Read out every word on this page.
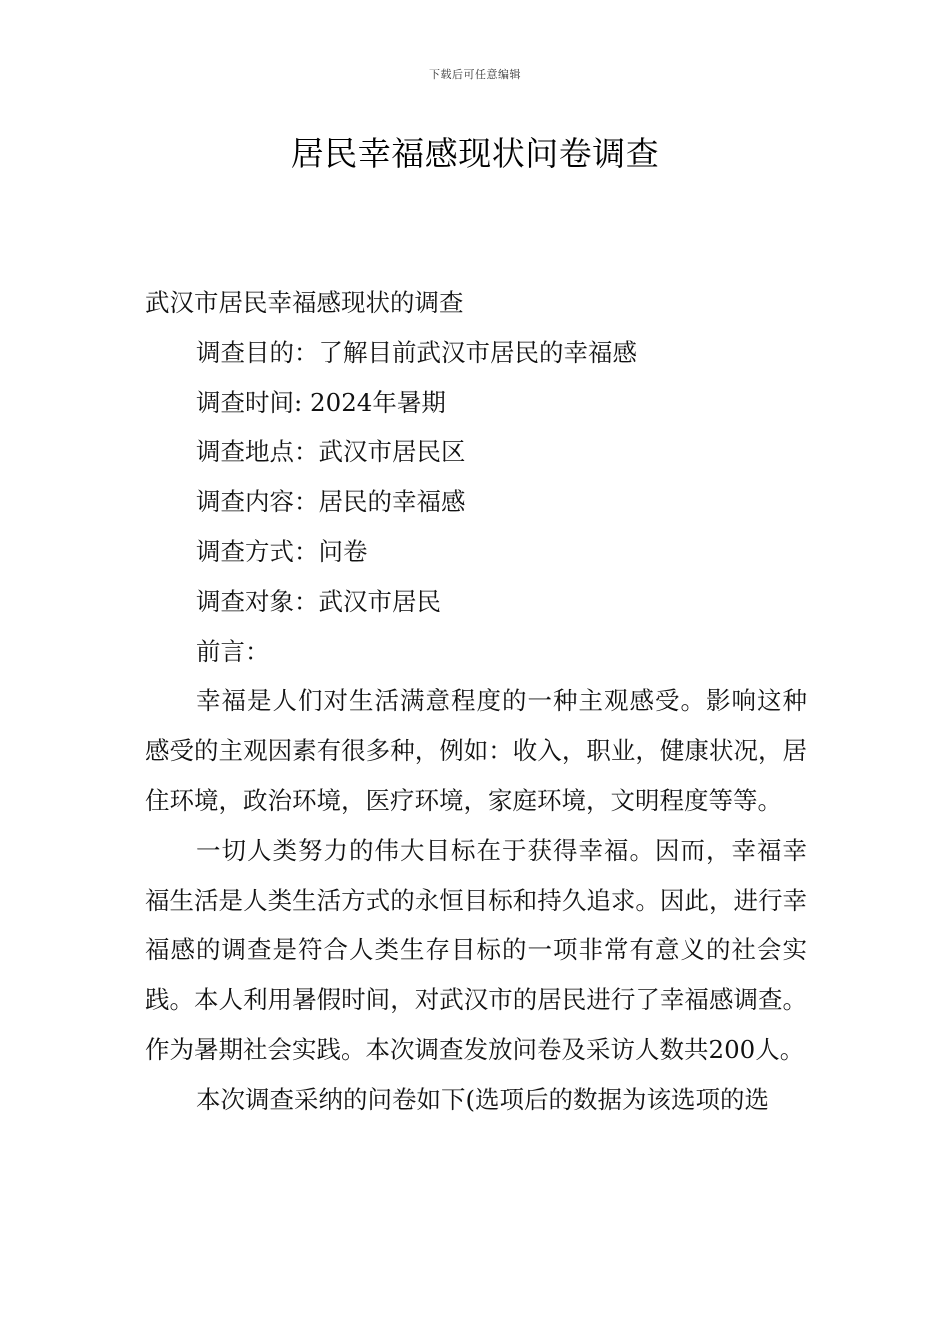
下载后可任意编辑
居民幸福感现状问卷调查
武汉市居民幸福感现状的调查
调查目的：了解目前武汉市居民的幸福感
调查时间: 2024年暑期
调查地点：武汉市居民区
调查内容：居民的幸福感
调查方式：问卷
调查对象：武汉市居民
前言：

幸福是人们对生活满意程度的一种主观感受。影响这种感受的主观因素有很多种，例如：收入，职业，健康状况，居住环境，政治环境，医疗环境，家庭环境，文明程度等等。

一切人类努力的伟大目标在于获得幸福。因而，幸福幸福生活是人类生活方式的永恒目标和持久追求。因此，进行幸福感的调查是符合人类生存目标的一项非常有意义的社会实践。本人利用暑假时间，对武汉市的居民进行了幸福感调查。作为暑期社会实践。本次调查发放问卷及采访人数共200人。

本次调查采纳的问卷如下(选项后的数据为该选项的选
